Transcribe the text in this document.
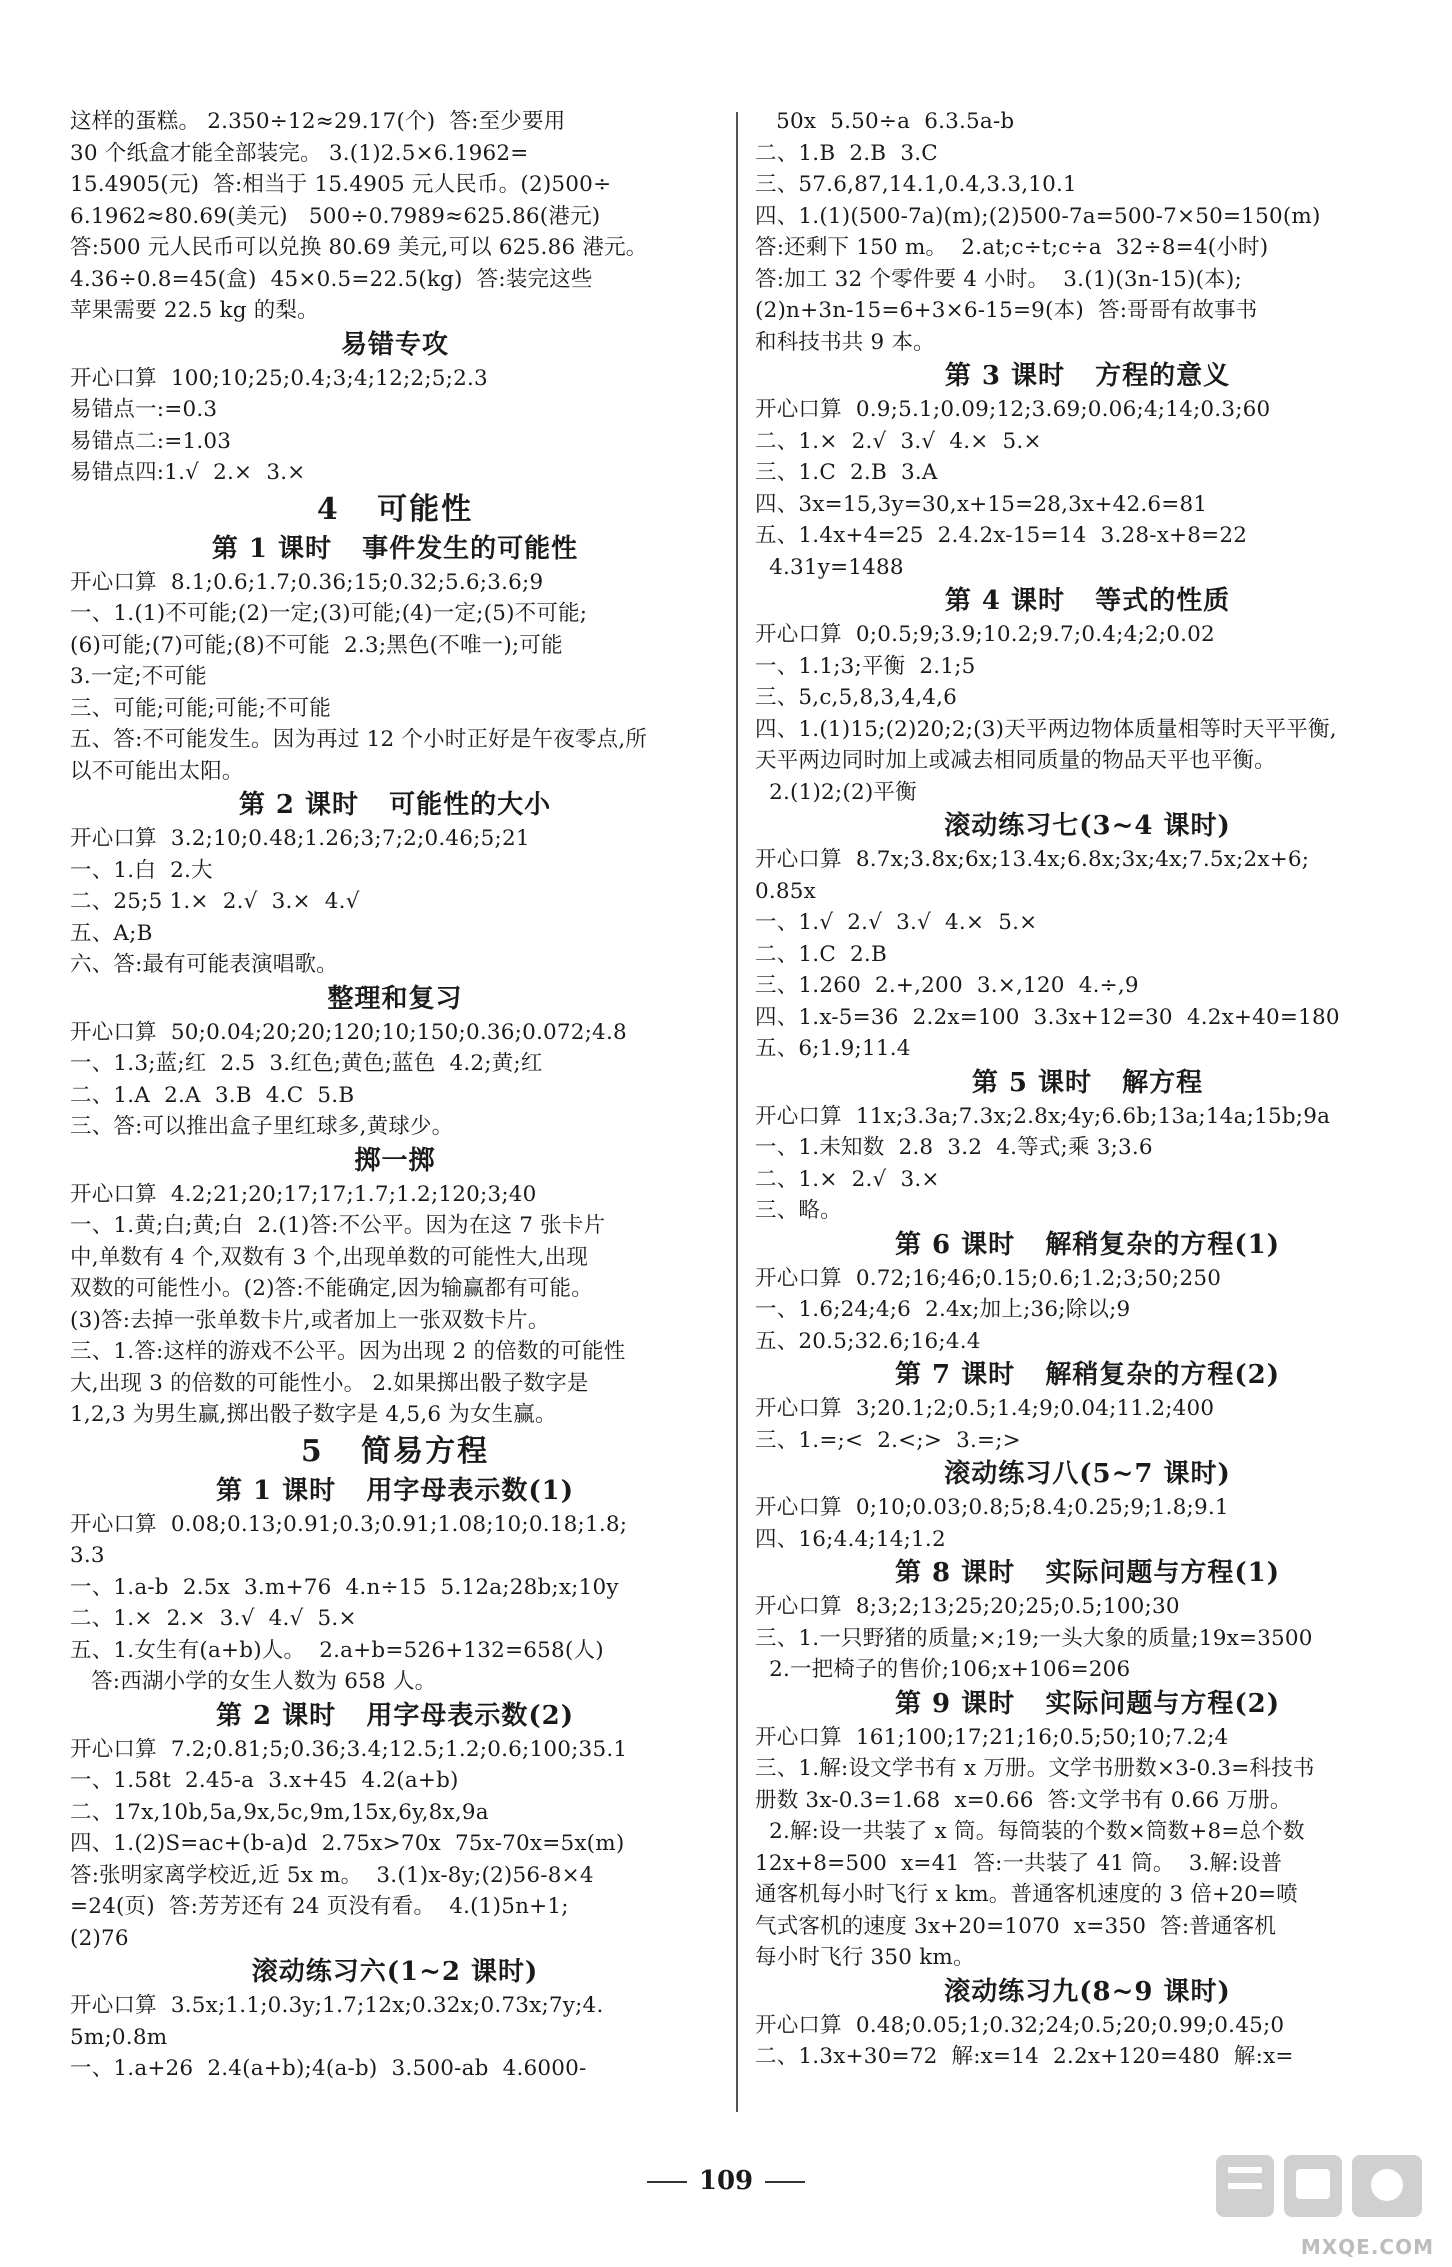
这样的蛋糕。 2.350÷12≈29.17(个)  答:至少要用
30 个纸盒才能全部装完。 3.(1)2.5×6.1962=
15.4905(元)  答:相当于 15.4905 元人民币。(2)500÷
6.1962≈80.69(美元)   500÷0.7989≈625.86(港元)
答:500 元人民币可以兑换 80.69 美元,可以 625.86 港元。
4.36÷0.8=45(盒)  45×0.5=22.5(kg)  答:装完这些
苹果需要 22.5 kg 的梨。
易错专攻
开心口算  100;10;25;0.4;3;4;12;2;5;2.3
易错点一:=0.3
易错点二:=1.03
易错点四:1.√  2.×  3.×
4   可能性
第 1 课时   事件发生的可能性
开心口算  8.1;0.6;1.7;0.36;15;0.32;5.6;3.6;9
一、1.(1)不可能;(2)一定;(3)可能;(4)一定;(5)不可能;
(6)可能;(7)可能;(8)不可能  2.3;黑色(不唯一);可能
3.一定;不可能
三、可能;可能;可能;不可能
五、答:不可能发生。因为再过 12 个小时正好是午夜零点,所
以不可能出太阳。
第 2 课时   可能性的大小
开心口算  3.2;10;0.48;1.26;3;7;2;0.46;5;21
一、1.白  2.大
二、25;5 1.×  2.√  3.×  4.√
五、A;B
六、答:最有可能表演唱歌。
整理和复习
开心口算  50;0.04;20;20;120;10;150;0.36;0.072;4.8
一、1.3;蓝;红  2.5  3.红色;黄色;蓝色  4.2;黄;红
二、1.A  2.A  3.B  4.C  5.B
三、答:可以推出盒子里红球多,黄球少。
掷一掷
开心口算  4.2;21;20;17;17;1.7;1.2;120;3;40
一、1.黄;白;黄;白  2.(1)答:不公平。因为在这 7 张卡片
中,单数有 4 个,双数有 3 个,出现单数的可能性大,出现
双数的可能性小。(2)答:不能确定,因为输赢都有可能。
(3)答:去掉一张单数卡片,或者加上一张双数卡片。
三、1.答:这样的游戏不公平。因为出现 2 的倍数的可能性
大,出现 3 的倍数的可能性小。 2.如果掷出骰子数字是
1,2,3 为男生赢,掷出骰子数字是 4,5,6 为女生赢。
5   简易方程
第 1 课时   用字母表示数(1)
开心口算  0.08;0.13;0.91;0.3;0.91;1.08;10;0.18;1.8;
3.3
一、1.a-b  2.5x  3.m+76  4.n÷15  5.12a;28b;x;10y
二、1.×  2.×  3.√  4.√  5.×
五、1.女生有(a+b)人。  2.a+b=526+132=658(人)
答:西湖小学的女生人数为 658 人。
第 2 课时   用字母表示数(2)
开心口算  7.2;0.81;5;0.36;3.4;12.5;1.2;0.6;100;35.1
一、1.58t  2.45-a  3.x+45  4.2(a+b)
二、17x,10b,5a,9x,5c,9m,15x,6y,8x,9a
四、1.(2)S=ac+(b-a)d  2.75x>70x  75x-70x=5x(m)
答:张明家离学校近,近 5x m。  3.(1)x-8y;(2)56-8×4
=24(页)  答:芳芳还有 24 页没有看。  4.(1)5n+1;
(2)76
滚动练习六(1~2 课时)
开心口算  3.5x;1.1;0.3y;1.7;12x;0.32x;0.73x;7y;4.
5m;0.8m
一、1.a+26  2.4(a+b);4(a-b)  3.500-ab  4.6000-
50x  5.50÷a  6.3.5a-b
二、1.B  2.B  3.C
三、57.6,87,14.1,0.4,3.3,10.1
四、1.(1)(500-7a)(m);(2)500-7a=500-7×50=150(m)
答:还剩下 150 m。  2.at;c÷t;c÷a  32÷8=4(小时)
答:加工 32 个零件要 4 小时。  3.(1)(3n-15)(本);
(2)n+3n-15=6+3×6-15=9(本)  答:哥哥有故事书
和科技书共 9 本。
第 3 课时   方程的意义
开心口算  0.9;5.1;0.09;12;3.69;0.06;4;14;0.3;60
二、1.×  2.√  3.√  4.×  5.×
三、1.C  2.B  3.A
四、3x=15,3y=30,x+15=28,3x+42.6=81
五、1.4x+4=25  2.4.2x-15=14  3.28-x+8=22
4.31y=1488
第 4 课时   等式的性质
开心口算  0;0.5;9;3.9;10.2;9.7;0.4;4;2;0.02
一、1.1;3;平衡  2.1;5
三、5,c,5,8,3,4,4,6
四、1.(1)15;(2)20;2;(3)天平两边物体质量相等时天平平衡,
天平两边同时加上或减去相同质量的物品天平也平衡。
2.(1)2;(2)平衡
滚动练习七(3~4 课时)
开心口算  8.7x;3.8x;6x;13.4x;6.8x;3x;4x;7.5x;2x+6;
0.85x
一、1.√  2.√  3.√  4.×  5.×
二、1.C  2.B
三、1.260  2.+,200  3.×,120  4.÷,9
四、1.x-5=36  2.2x=100  3.3x+12=30  4.2x+40=180
五、6;1.9;11.4
第 5 课时   解方程
开心口算  11x;3.3a;7.3x;2.8x;4y;6.6b;13a;14a;15b;9a
一、1.未知数  2.8  3.2  4.等式;乘 3;3.6
二、1.×  2.√  3.×
三、略。
第 6 课时   解稍复杂的方程(1)
开心口算  0.72;16;46;0.15;0.6;1.2;3;50;250
一、1.6;24;4;6  2.4x;加上;36;除以;9
五、20.5;32.6;16;4.4
第 7 课时   解稍复杂的方程(2)
开心口算  3;20.1;2;0.5;1.4;9;0.04;11.2;400
三、1.=;<  2.<;>  3.=;>
滚动练习八(5~7 课时)
开心口算  0;10;0.03;0.8;5;8.4;0.25;9;1.8;9.1
四、16;4.4;14;1.2
第 8 课时   实际问题与方程(1)
开心口算  8;3;2;13;25;20;25;0.5;100;30
三、1.一只野猪的质量;×;19;一头大象的质量;19x=3500
2.一把椅子的售价;106;x+106=206
第 9 课时   实际问题与方程(2)
开心口算  161;100;17;21;16;0.5;50;10;7.2;4
三、1.解:设文学书有 x 万册。文学书册数×3-0.3=科技书
册数 3x-0.3=1.68  x=0.66  答:文学书有 0.66 万册。
2.解:设一共装了 x 筒。每筒装的个数×筒数+8=总个数
12x+8=500  x=41  答:一共装了 41 筒。  3.解:设普
通客机每小时飞行 x km。普通客机速度的 3 倍+20=喷
气式客机的速度 3x+20=1070  x=350  答:普通客机
每小时飞行 350 km。
滚动练习九(8~9 课时)
开心口算  0.48;0.05;1;0.32;24;0.5;20;0.99;0.45;0
二、1.3x+30=72  解:x=14  2.2x+120=480  解:x=
109
MXQE.COM
